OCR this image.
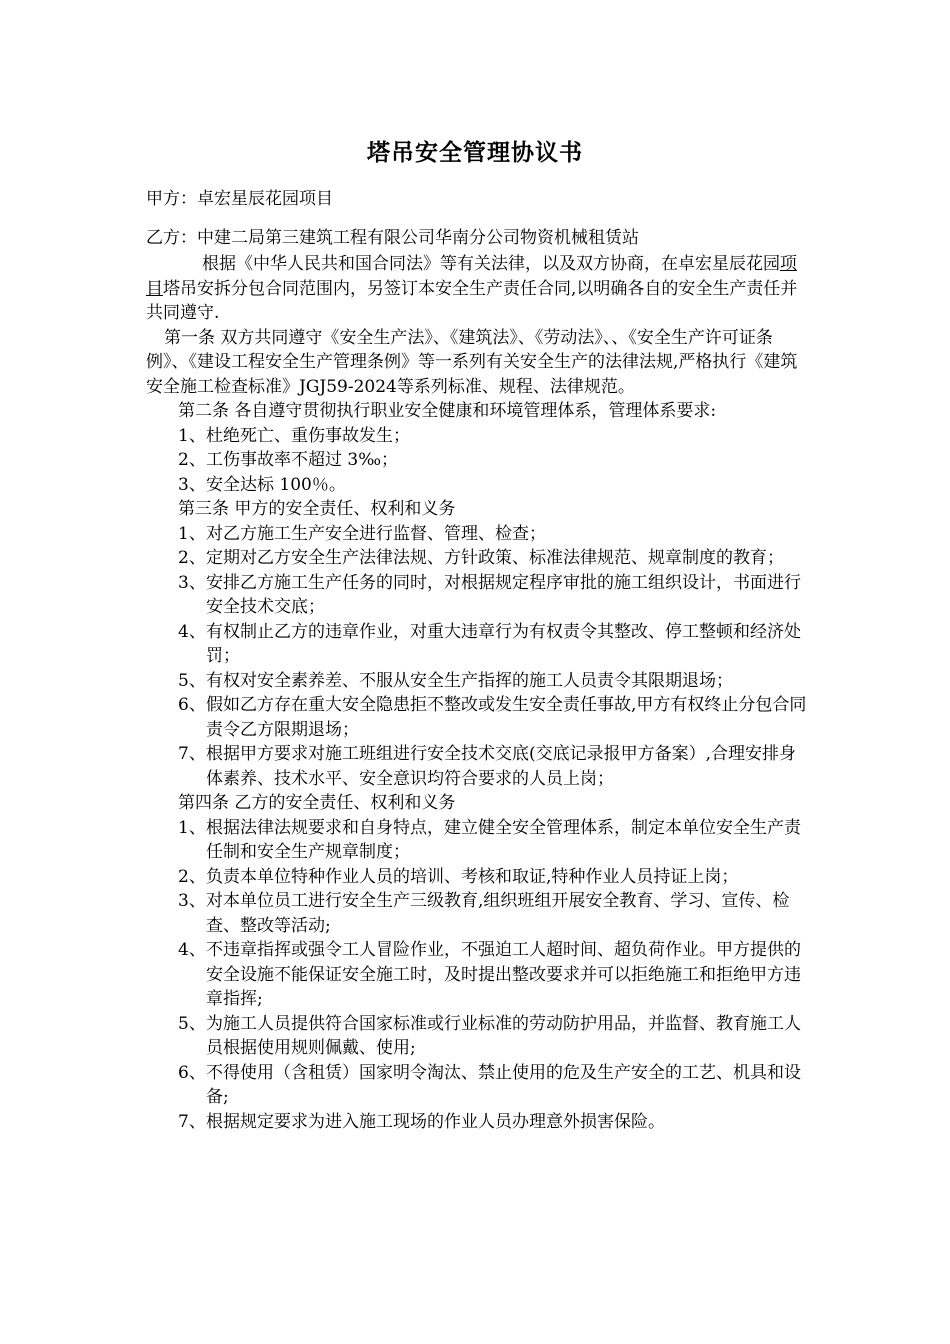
塔吊安全管理协议书
甲方：卓宏星辰花园项目
乙方：中建二局第三建筑工程有限公司华南分公司物资机械租赁站

根据《中华人民共和国合同法》等有关法律，以及双方协商，在卓宏星辰花园项目塔吊安拆分包合同范围内，另签订本安全生产责任合同,以明确各自的安全生产责任并共同遵守.

第一条 双方共同遵守《安全生产法》、《建筑法》、《劳动法》、、《安全生产许可证条例》、《建设工程安全生产管理条例》等一系列有关安全生产的法律法规,严格执行《建筑安全施工检查标准》JGJ59-2024等系列标准、规程、法律规范。

第二条 各自遵守贯彻执行职业安全健康和环境管理体系，管理体系要求:

1、 杜绝死亡、重伤事故发生；
2、 工伤事故率不超过 3‰；
3、 安全达标 100％。

第三条 甲方的安全责任、权利和义务

1、 对乙方施工生产安全进行监督、管理、检查；
2、 定期对乙方安全生产法律法规、方针政策、标准法律规范、规章制度的教育；
3、 安排乙方施工生产任务的同时，对根据规定程序审批的施工组织设计，书面进行安全技术交底；
4、 有权制止乙方的违章作业，对重大违章行为有权责令其整改、停工整顿和经济处罚；
5、 有权对安全素养差、不服从安全生产指挥的施工人员责令其限期退场；
6、 假如乙方存在重大安全隐患拒不整改或发生安全责任事故,甲方有权终止分包合同责令乙方限期退场；
7、 根据甲方要求对施工班组进行安全技术交底(交底记录报甲方备案）,合理安排身体素养、技术水平、安全意识均符合要求的人员上岗；

第四条 乙方的安全责任、权利和义务

1、 根据法律法规要求和自身特点，建立健全安全管理体系，制定本单位安全生产责任制和安全生产规章制度；
2、 负责本单位特种作业人员的培训、考核和取证,特种作业人员持证上岗；
3、 对本单位员工进行安全生产三级教育,组织班组开展安全教育、学习、宣传、检查、整改等活动;
4、 不违章指挥或强令工人冒险作业，不强迫工人超时间、超负荷作业。甲方提供的安全设施不能保证安全施工时，及时提出整改要求并可以拒绝施工和拒绝甲方违章指挥;
5、 为施工人员提供符合国家标准或行业标准的劳动防护用品，并监督、教育施工人员根据使用规则佩戴、使用;
6、 不得使用（含租赁）国家明令淘汰、禁止使用的危及生产安全的工艺、机具和设备;
7、 根据规定要求为进入施工现场的作业人员办理意外损害保险。
